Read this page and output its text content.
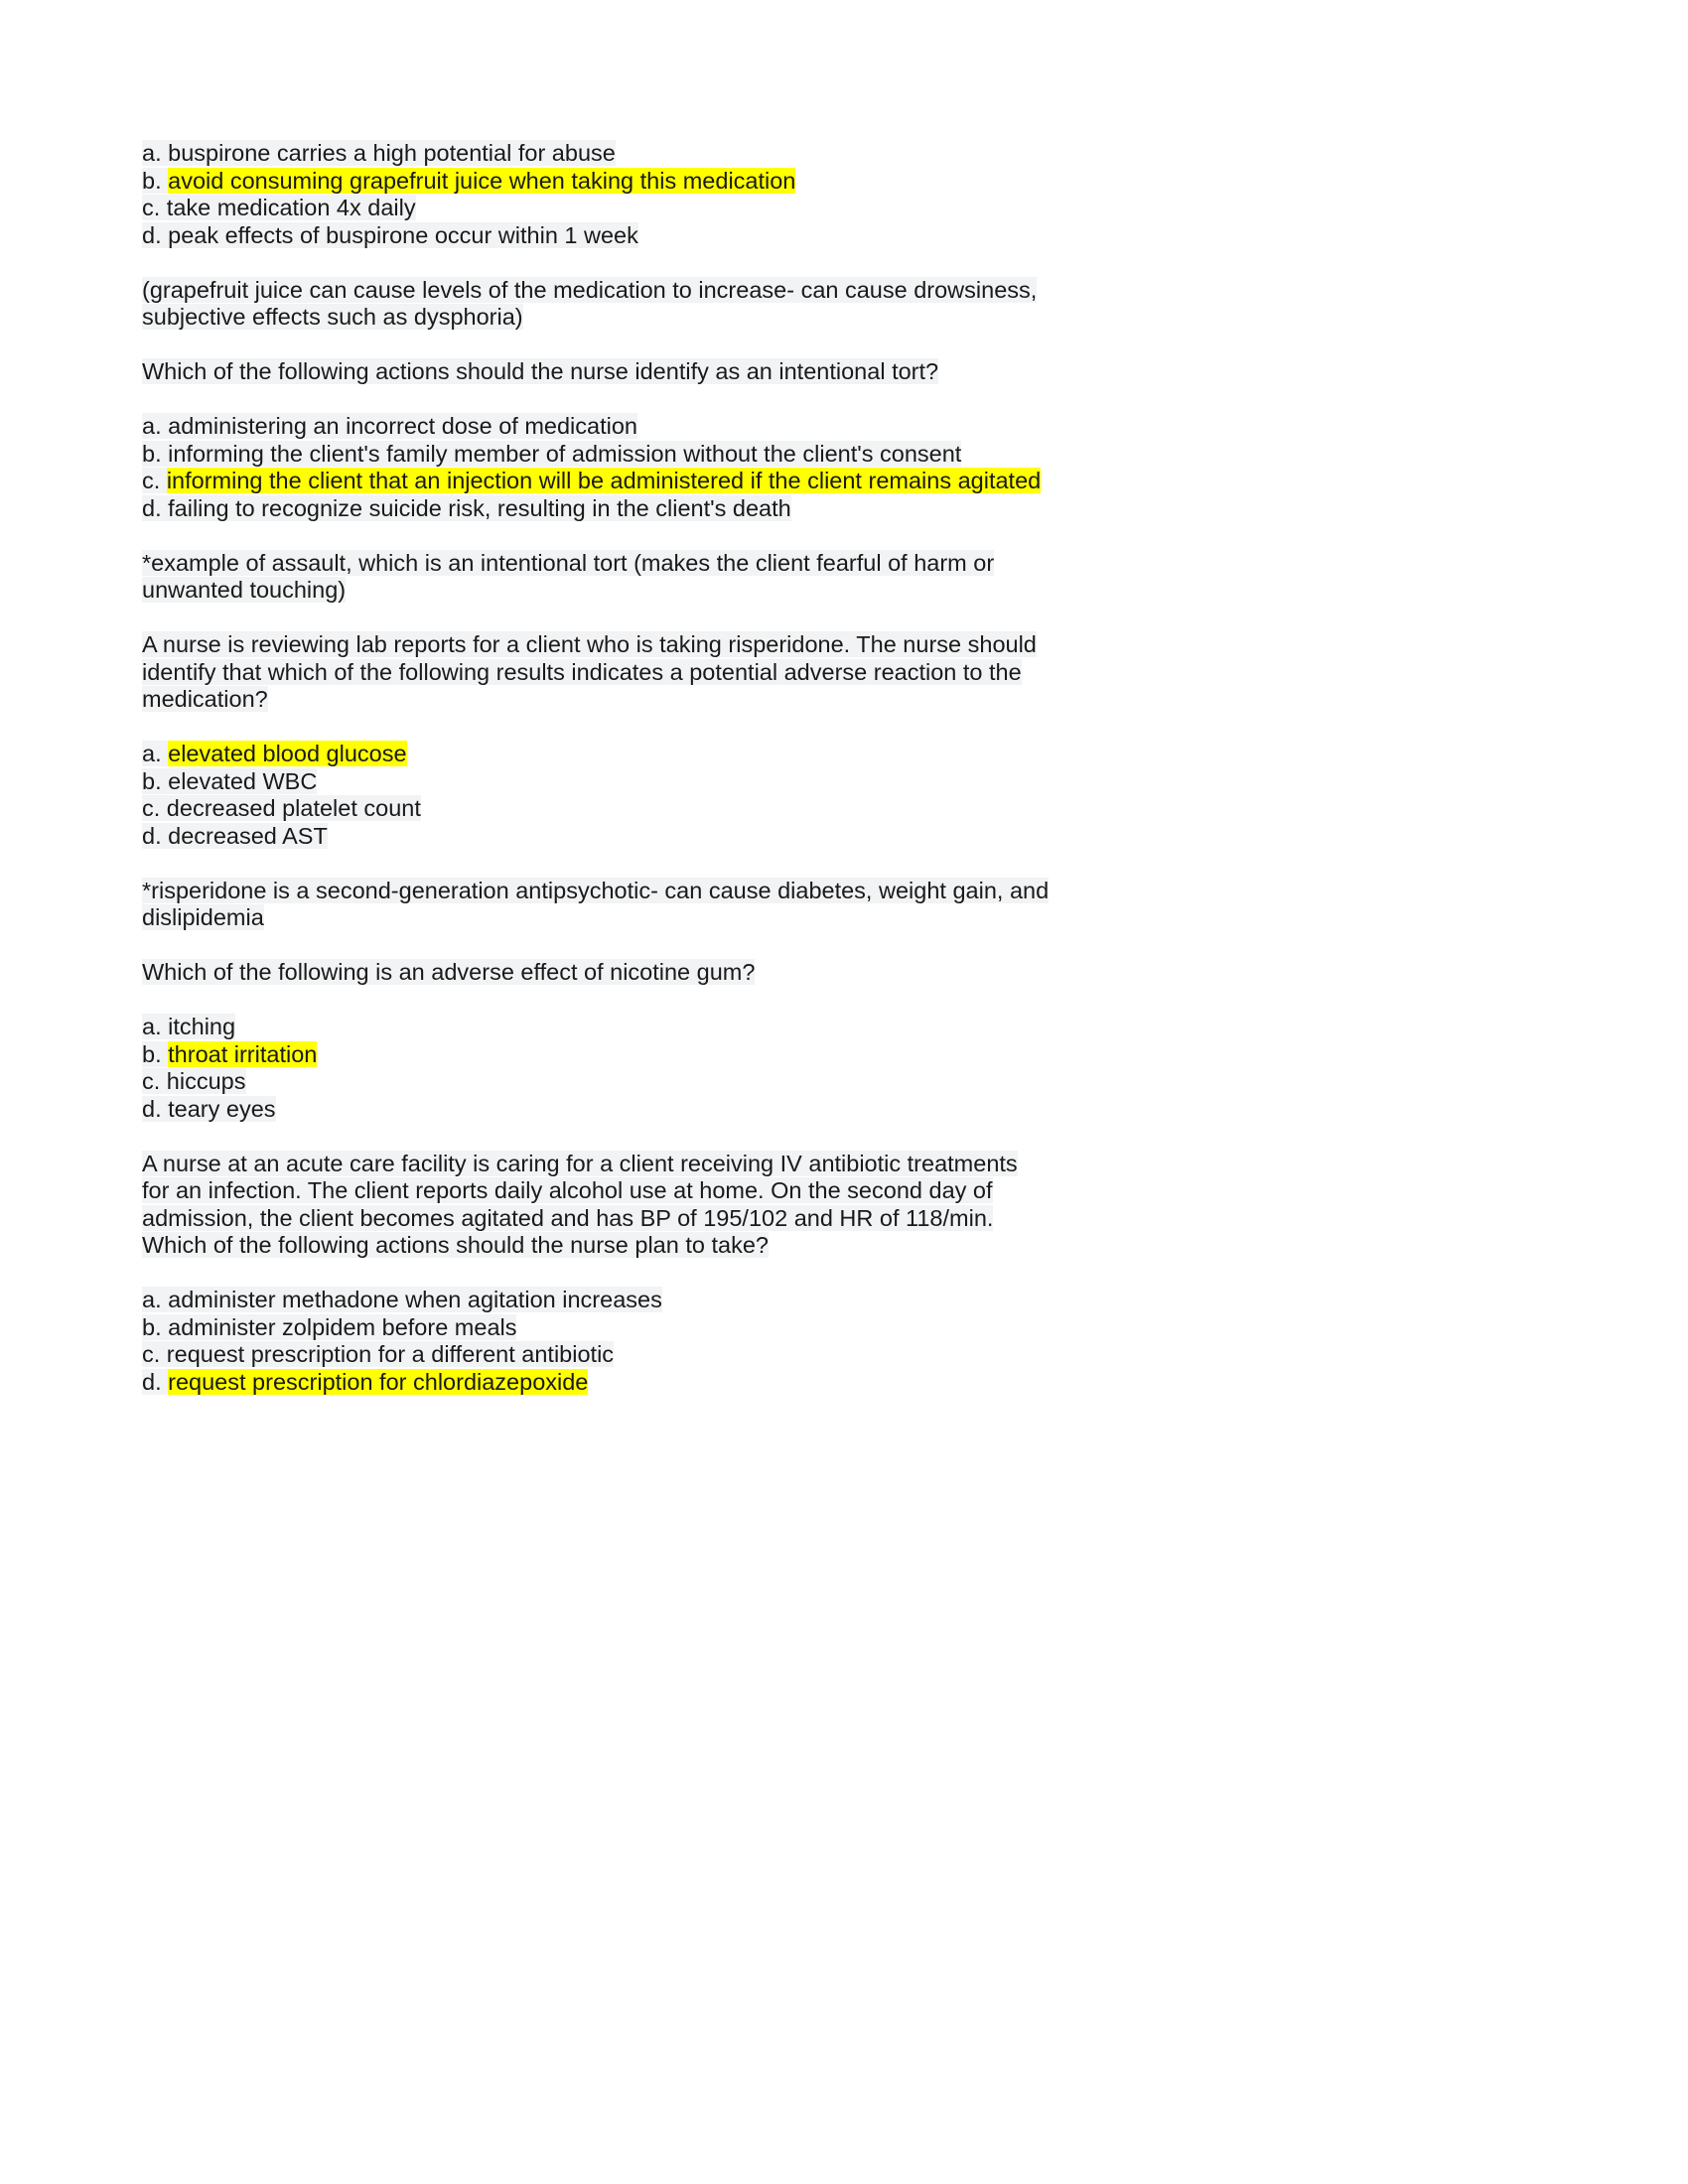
a. buspirone carries a high potential for abuse
b. avoid consuming grapefruit juice when taking this medication
c. take medication 4x daily
d. peak effects of buspirone occur within 1 week
(grapefruit juice can cause levels of the medication to increase- can cause drowsiness,
subjective effects such as dysphoria)
Which of the following actions should the nurse identify as an intentional tort?
a. administering an incorrect dose of medication
b. informing the client's family member of admission without the client's consent
c. informing the client that an injection will be administered if the client remains agitated
d. failing to recognize suicide risk, resulting in the client's death
*example of assault, which is an intentional tort (makes the client fearful of harm or
unwanted touching)
A nurse is reviewing lab reports for a client who is taking risperidone. The nurse should
identify that which of the following results indicates a potential adverse reaction to the
medication?
a. elevated blood glucose
b. elevated WBC
c. decreased platelet count
d. decreased AST
*risperidone is a second-generation antipsychotic- can cause diabetes, weight gain, and
dislipidemia
Which of the following is an adverse effect of nicotine gum?
a. itching
b. throat irritation
c. hiccups
d. teary eyes
A nurse at an acute care facility is caring for a client receiving IV antibiotic treatments
for an infection. The client reports daily alcohol use at home. On the second day of
admission, the client becomes agitated and has BP of 195/102 and HR of 118/min.
Which of the following actions should the nurse plan to take?
a. administer methadone when agitation increases
b. administer zolpidem before meals
c. request prescription for a different antibiotic
d. request prescription for chlordiazepoxide
